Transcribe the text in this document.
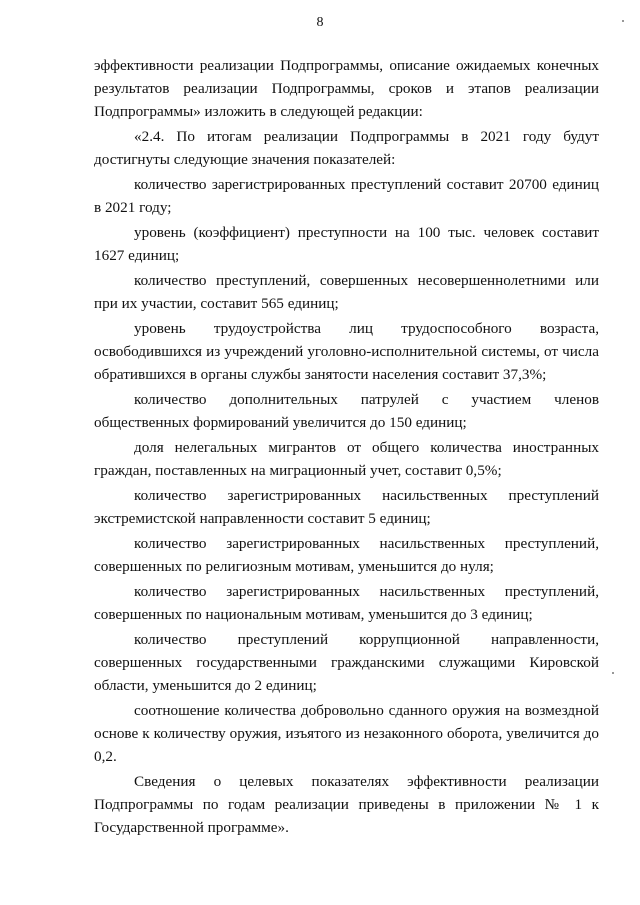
8

эффективности реализации Подпрограммы, описание ожидаемых конечных результатов реализации Подпрограммы, сроков и этапов реализации Подпрограммы» изложить в следующей редакции:

«2.4. По итогам реализации Подпрограммы в 2021 году будут достигнуты следующие значения показателей:

количество зарегистрированных преступлений составит 20700 единиц в 2021 году;

уровень (коэффициент) преступности на 100 тыс. человек составит 1627 единиц;

количество преступлений, совершенных несовершеннолетними или при их участии, составит 565 единиц;

уровень трудоустройства лиц трудоспособного возраста, освободившихся из учреждений уголовно-исполнительной системы, от числа обратившихся в органы службы занятости населения составит 37,3%;

количество дополнительных патрулей с участием членов общественных формирований увеличится до 150 единиц;

доля нелегальных мигрантов от общего количества иностранных граждан, поставленных на миграционный учет, составит 0,5%;

количество зарегистрированных насильственных преступлений экстремистской направленности составит 5 единиц;

количество зарегистрированных насильственных преступлений, совершенных по религиозным мотивам, уменьшится до нуля;

количество зарегистрированных насильственных преступлений, совершенных по национальным мотивам, уменьшится до 3 единиц;

количество преступлений коррупционной направленности, совершенных государственными гражданскими служащими Кировской области, уменьшится до 2 единиц;

соотношение количества добровольно сданного оружия на возмездной основе к количеству оружия, изъятого из незаконного оборота, увеличится до 0,2.

Сведения о целевых показателях эффективности реализации Подпрограммы по годам реализации приведены в приложении № 1 к Государственной программе».
